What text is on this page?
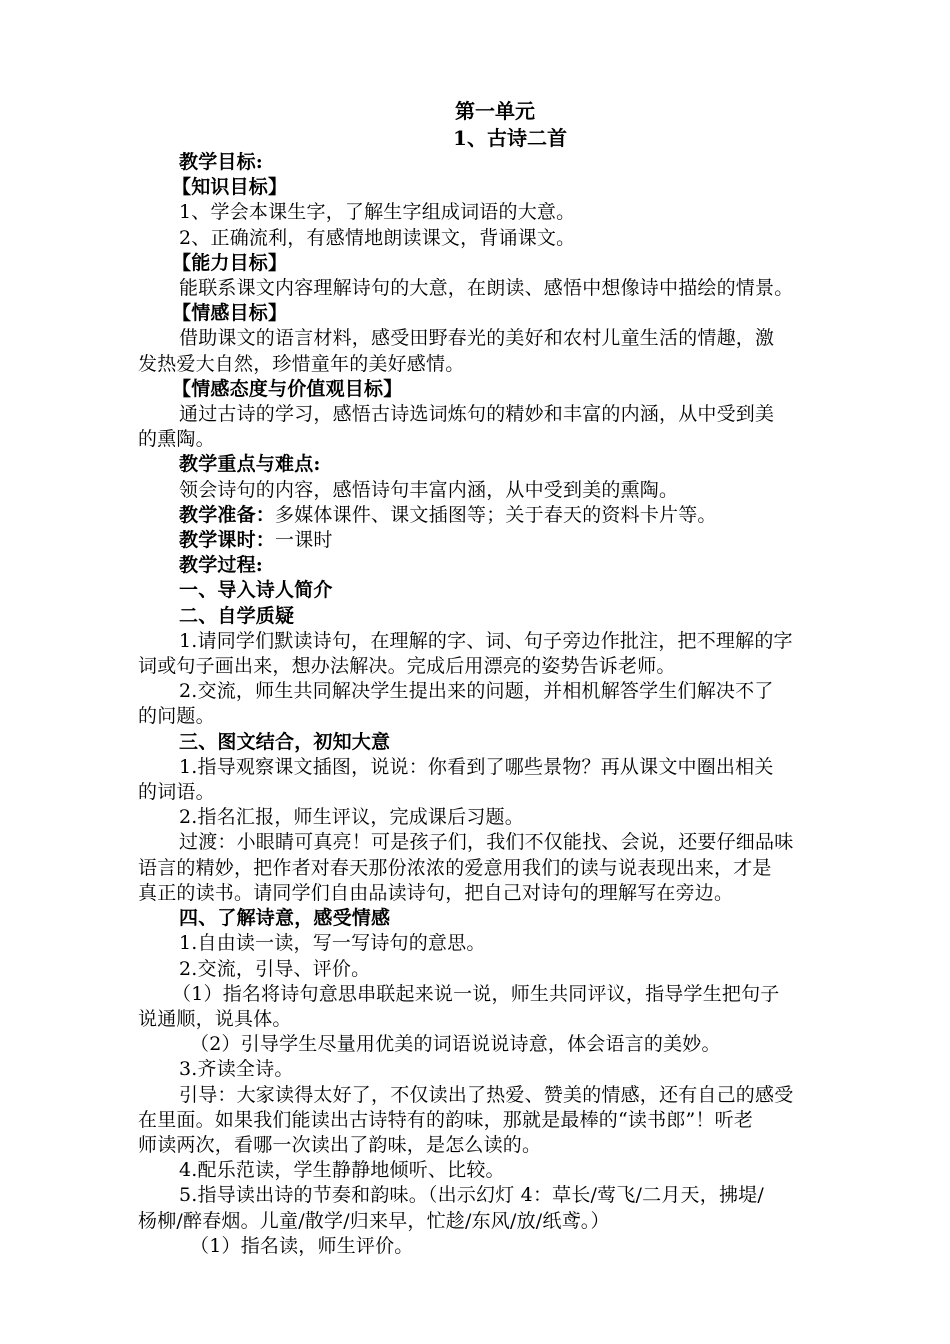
第一单元
1、古诗二首

教学目标:

【知识目标】

1、学会本课生字，了解生字组成词语的大意。

2、正确流利，有感情地朗读课文，背诵课文。

【能力目标】

能联系课文内容理解诗句的大意，在朗读、感悟中想像诗中描绘的情景。

【情感目标】

借助课文的语言材料，感受田野春光的美好和农村儿童生活的情趣，激

发热爱大自然，珍惜童年的美好感情。

【情感态度与价值观目标】

通过古诗的学习，感悟古诗选词炼句的精妙和丰富的内涵，从中受到美

的熏陶。

教学重点与难点:

领会诗句的内容，感悟诗句丰富内涵，从中受到美的熏陶。

教学准备：多媒体课件、课文插图等；关于春天的资料卡片等。

教学课时：一课时

教学过程:

一、导入诗人简介

二、自学质疑

1.请同学们默读诗句，在理解的字、词、句子旁边作批注，把不理解的字

词或句子画出来，想办法解决。完成后用漂亮的姿势告诉老师。

2.交流，师生共同解决学生提出来的问题，并相机解答学生们解决不了

的问题。

三、图文结合，初知大意

1.指导观察课文插图，说说：你看到了哪些景物？再从课文中圈出相关

的词语。

2.指名汇报，师生评议，完成课后习题。

过渡：小眼睛可真亮！可是孩子们，我们不仅能找、会说，还要仔细品味

语言的精妙，把作者对春天那份浓浓的爱意用我们的读与说表现出来，才是

真正的读书。请同学们自由品读诗句，把自己对诗句的理解写在旁边。

四、了解诗意，感受情感

1.自由读一读，写一写诗句的意思。

2.交流，引导、评价。

（1）指名将诗句意思串联起来说一说，师生共同评议，指导学生把句子

说通顺，说具体。

（2）引导学生尽量用优美的词语说说诗意，体会语言的美妙。

3.齐读全诗。

引导：大家读得太好了，不仅读出了热爱、赞美的情感，还有自己的感受

在里面。如果我们能读出古诗特有的韵味，那就是最棒的“读书郎”！听老

师读两次，看哪一次读出了韵味，是怎么读的。

4.配乐范读，学生静静地倾听、比较。

5.指导读出诗的节奏和韵味。（出示幻灯 4：草长/莺飞/二月天，拂堤/

杨柳/醉春烟。儿童/散学/归来早，忙趁/东风/放/纸鸢。）

（1）指名读，师生评价。
